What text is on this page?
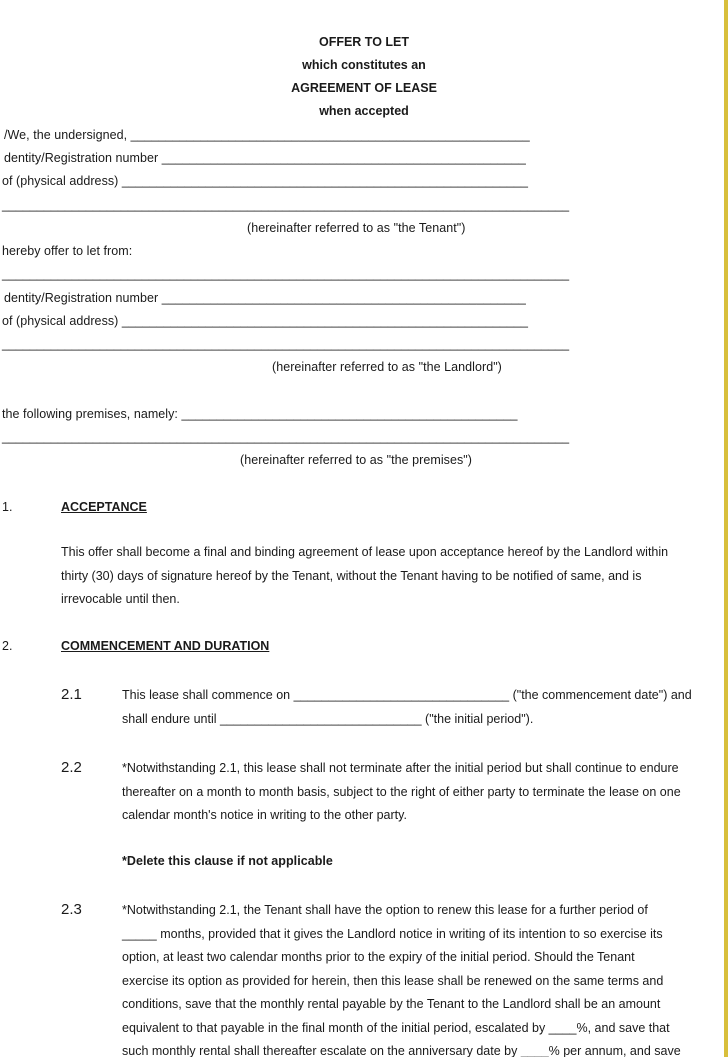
OFFER TO LET
which constitutes an
AGREEMENT OF LEASE
when accepted
/We, the undersigned, _________________________________________________________
dentity/Registration number ____________________________________________________
of (physical address) __________________________________________________________
_________________________________________________________________________________
(hereinafter referred to as "the Tenant")
hereby offer to let from:
_________________________________________________________________________________
dentity/Registration number ____________________________________________________
of (physical address) __________________________________________________________
_________________________________________________________________________________
(hereinafter referred to as "the Landlord")
the following premises, namely: ________________________________________________
_________________________________________________________________________________
(hereinafter referred to as "the premises")
1.	ACCEPTANCE
This offer shall become a final and binding agreement of lease upon acceptance hereof by the Landlord within
thirty (30) days of signature hereof by the Tenant, without the Tenant having to be notified of same, and is
irrevocable until then.
2.	COMMENCEMENT AND DURATION
2.1	This lease shall commence on _______________________________ ("the commencement date") and
shall endure until _____________________________ ("the initial period").
2.2	*Notwithstanding 2.1, this lease shall not terminate after the initial period but shall continue to endure
thereafter on a month to month basis, subject to the right of either party to terminate the lease on one
calendar month's notice in writing to the other party.
*Delete this clause if not applicable
2.3	*Notwithstanding 2.1, the Tenant shall have the option to renew this lease for a further period of
_____ months, provided that it gives the Landlord notice in writing of its intention to so exercise its
option, at least two calendar months prior to the expiry of the initial period. Should the Tenant
exercise its option as provided for herein, then this lease shall be renewed on the same terms and
conditions, save that the monthly rental payable by the Tenant to the Landlord shall be an amount
equivalent to that payable in the final month of the initial period, escalated by ____%, and save that
such monthly rental shall thereafter escalate on the anniversary date by ____% per annum, and save
